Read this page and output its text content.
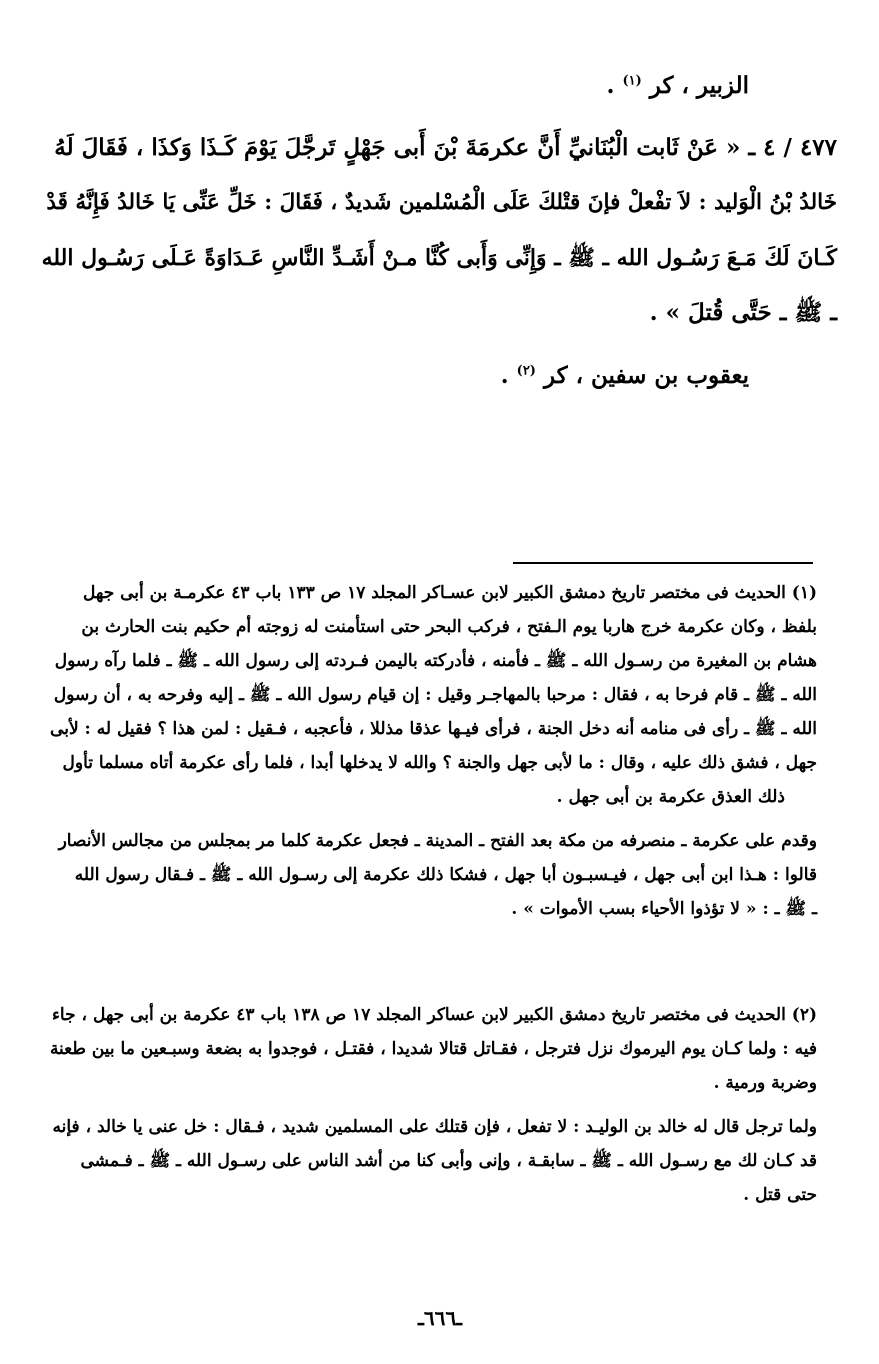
الزبير ، كر $^{(١)}$ .
٤٧٧ / ٤ ـ « عَنْ ثَابت الْبُنَانيِّ أَنَّ عكرمَةَ بْنَ أَبى جَهْلٍ تَرجَّلَ يَوْمَ كَـذَا وَكذَا ، فَقَالَ لَهُ
خَالدُ بْنُ الْوَليد : لاَ تفْعلْ فإنَ قتْلكَ عَلَى الْمُسْلمين شَديدٌ ، فَقَالَ : خَلِّ عَنِّى يَا خَالدُ فَإِنَّهُ قَدْ
كَـانَ لَكَ مَـعَ رَسُـول الله ـ ﷺ ـ وَإِنِّى وَأَبى كُنَّا مـنْ أَشَـدِّ النَّاسِ عَـدَاوَةً عَـلَى رَسُـول الله
ـ ﷺ ـ حَتَّى قُتلَ » .
يعقوب بن سفين ، كر $^{(٢)}$ .
(١) الحديث فى مختصر تاريخ دمشق الكبير لابن عسـاكر المجلد ١٧ ص ١٣٣ باب ٤٣ عكرمـة بن أبى جهل
بلفظ ، وكان عكرمة خرج هاربا يوم الـفتح ، فركب البحر حتى استأمنت له زوجته أم حكيم بنت الحارث بن
هشام بن المغيرة من رسـول الله ـ ﷺ ـ فأمنه ، فأدركته باليمن فـردته إلى رسول الله ـ ﷺ ـ فلما رآه رسول
الله ـ ﷺ ـ قام فرحا به ، فقال : مرحبا بالمهاجـر وقيل : إن قيام رسول الله ـ ﷺ ـ إليه وفرحه به ، أن رسول
الله ـ ﷺ ـ رأى فى منامه أنه دخل الجنة ، فرأى فيـها عذقا مذللا ، فأعجبه ، فـقيل : لمن هذا ؟ فقيل له : لأبى
جهل ، فشق ذلك عليه ، وقال : ما لأبى جهل والجنة ؟ والله لا يدخلها أبدا ، فلما رأى عكرمة أتاه مسلما تأول
ذلك العذق عكرمة بن أبى جهل .
وقدم على عكرمة ـ منصرفه من مكة بعد الفتح ـ المدينة ـ فجعل عكرمة كلما مر بمجلس من مجالس الأنصار
قالوا : هـذا ابن أبى جهل ، فيـسبـون أبا جهل ، فشكا ذلك عكرمة إلى رسـول الله ـ ﷺ ـ فـقال رسول الله
ـ ﷺ ـ : « لا تؤذوا الأحياء بسب الأموات » .
(٢) الحديث فى مختصر تاريخ دمشق الكبير لابن عساكر المجلد ١٧ ص ١٣٨ باب ٤٣ عكرمة بن أبى جهل ، جاء
فيه : ولما كـان يوم اليرموك نزل فترجل ، فقـاتل قتالا شديدا ، فقتـل ، فوجدوا به بضعة وسبـعين ما بين طعنة
وضربة ورمية .
ولما ترجل قال له خالد بن الوليـد : لا تفعل ، فإن قتلك على المسلمين شديد ، فـقال : خل عنى يا خالد ، فإنه
قد كـان لك مع رسـول الله ـ ﷺ ـ سابقـة ، وإنى وأبى كنا من أشد الناس على رسـول الله ـ ﷺ ـ فـمشى
حتى قتل .
ـ٦٦٦ـ
